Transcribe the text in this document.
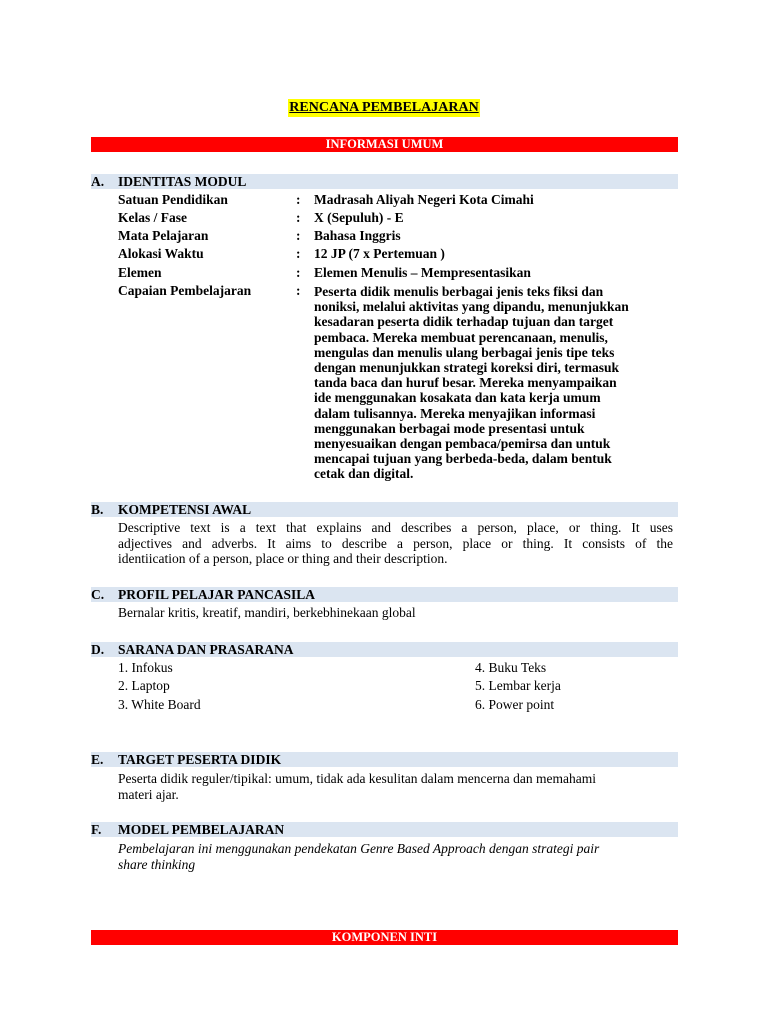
RENCANA PEMBELAJARAN
INFORMASI UMUM
A. IDENTITAS MODUL
Satuan Pendidikan	: Madrasah Aliyah Negeri Kota Cimahi
Kelas / Fase	: X (Sepuluh) - E
Mata Pelajaran	: Bahasa Inggris
Alokasi Waktu	: 12 JP (7 x Pertemuan )
Elemen	: Elemen Menulis – Mempresentasikan
Capaian Pembelajaran	: Peserta didik menulis berbagai jenis teks fiksi dan
noniksi, melalui aktivitas yang dipandu, menunjukkan
kesadaran peserta didik terhadap tujuan dan target
pembaca. Mereka membuat perencanaan, menulis,
mengulas dan menulis ulang berbagai jenis tipe teks
dengan menunjukkan strategi koreksi diri, termasuk
tanda baca dan huruf besar. Mereka menyampaikan
ide menggunakan kosakata dan kata kerja umum
dalam tulisannya. Mereka menyajikan informasi
menggunakan berbagai mode presentasi untuk
menyesuaikan dengan pembaca/pemirsa dan untuk
mencapai tujuan yang berbeda-beda, dalam bentuk
cetak dan digital.
B. KOMPETENSI AWAL
Descriptive text is a text that explains and describes a person, place, or thing. It uses
adjectives and adverbs. It aims to describe a person, place or thing. It consists of the
identiication of a person, place or thing and their description.
C. PROFIL PELAJAR PANCASILA
Bernalar kritis, kreatif, mandiri, berkebhinekaan global
D. SARANA DAN PRASARANA
1. Infokus
2. Laptop
3. White Board
4. Buku Teks
5. Lembar kerja
6. Power point
E. TARGET PESERTA DIDIK
Peserta didik reguler/tipikal: umum, tidak ada kesulitan dalam mencerna dan memahami
materi ajar.
F. MODEL PEMBELAJARAN
Pembelajaran ini menggunakan pendekatan Genre Based Approach dengan strategi pair
share thinking
KOMPONEN INTI
